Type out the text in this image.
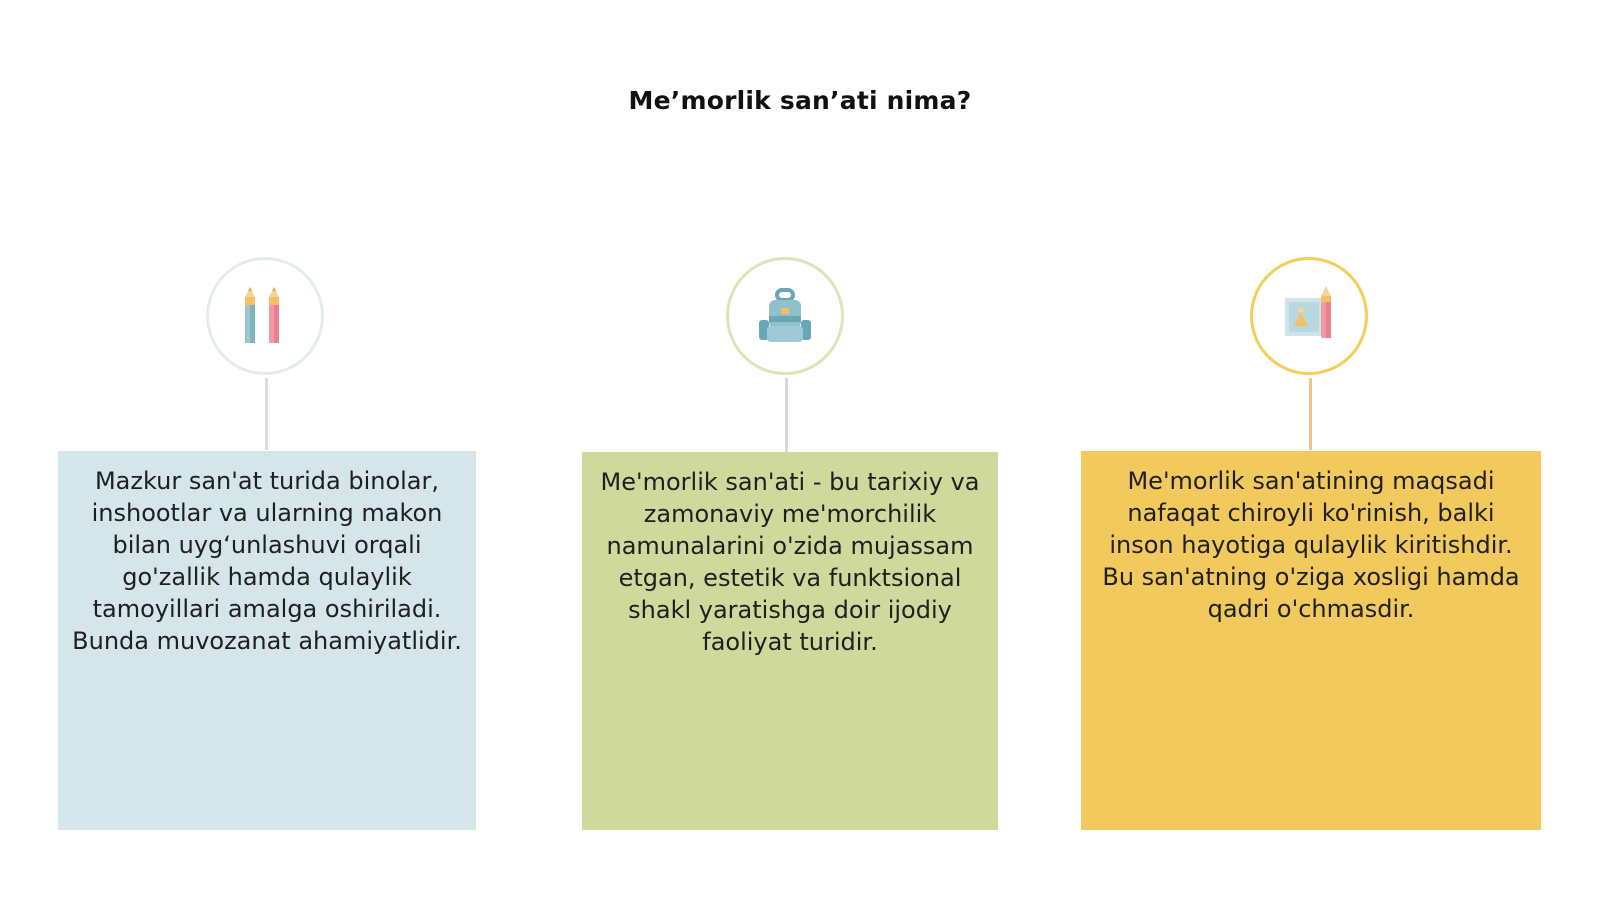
Me’morlik san’ati nima?
Mazkur san'at turida binolar, inshootlar va ularning makon bilan uyg‘unlashuvi orqali go'zallik hamda qulaylik tamoyillari amalga oshiriladi. Bunda muvozanat ahamiyatlidir.
Me'morlik san'ati - bu tarixiy va zamonaviy me'morchilik namunalarini o'zida mujassam etgan, estetik va funktsional shakl yaratishga doir ijodiy faoliyat turidir.
Me'morlik san'atining maqsadi nafaqat chiroyli ko'rinish, balki inson hayotiga qulaylik kiritishdir. Bu san'atning o'ziga xosligi hamda qadri o'chmasdir.
